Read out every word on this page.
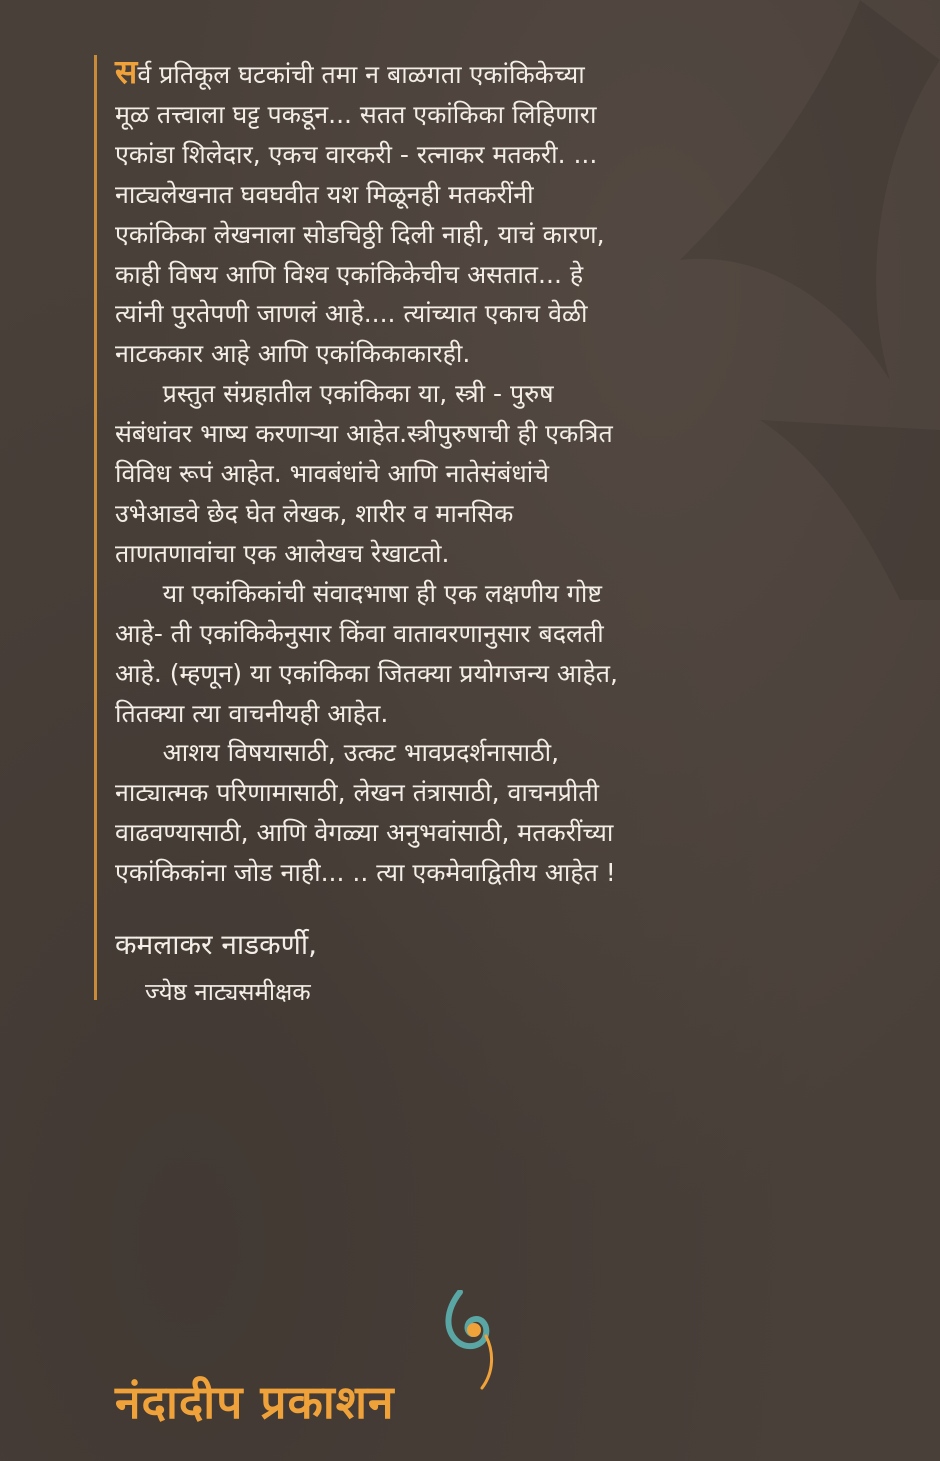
सर्व प्रतिकूल घटकांची तमा न बाळगता एकांकिकेच्या
मूळ तत्त्वाला घट्ट पकडून... सतत एकांकिका लिहिणारा
एकांडा शिलेदार, एकच वारकरी - रत्नाकर मतकरी. ...
नाट्यलेखनात घवघवीत यश मिळूनही मतकरींनी
एकांकिका लेखनाला सोडचिठ्ठी दिली नाही, याचं कारण,
काही विषय आणि विश्व एकांकिकेचीच असतात... हे
त्यांनी पुरतेपणी जाणलं आहे.... त्यांच्यात एकाच वेळी
नाटककार आहे आणि एकांकिकाकारही.
प्रस्तुत संग्रहातील एकांकिका या, स्त्री - पुरुष
संबंधांवर भाष्य करणाऱ्या आहेत.स्त्रीपुरुषाची ही एकत्रित
विविध रूपं आहेत. भावबंधांचे आणि नातेसंबंधांचे
उभेआडवे छेद घेत लेखक, शारीर व मानसिक
ताणतणावांचा एक आलेखच रेखाटतो.
या एकांकिकांची संवादभाषा ही एक लक्षणीय गोष्ट
आहे- ती एकांकिकेनुसार किंवा वातावरणानुसार बदलती
आहे. (म्हणून) या एकांकिका जितक्या प्रयोगजन्य आहेत,
तितक्या त्या वाचनीयही आहेत.
आशय विषयासाठी, उत्कट भावप्रदर्शनासाठी,
नाट्यात्मक परिणामासाठी, लेखन तंत्रासाठी, वाचनप्रीती
वाढवण्यासाठी, आणि वेगळ्या अनुभवांसाठी, मतकरींच्या
एकांकिकांना जोड नाही... .. त्या एकमेवाद्वितीय आहेत !
कमलाकर नाडकर्णी,
ज्येष्ठ नाट्यसमीक्षक
नंदादीप प्रकाशन
